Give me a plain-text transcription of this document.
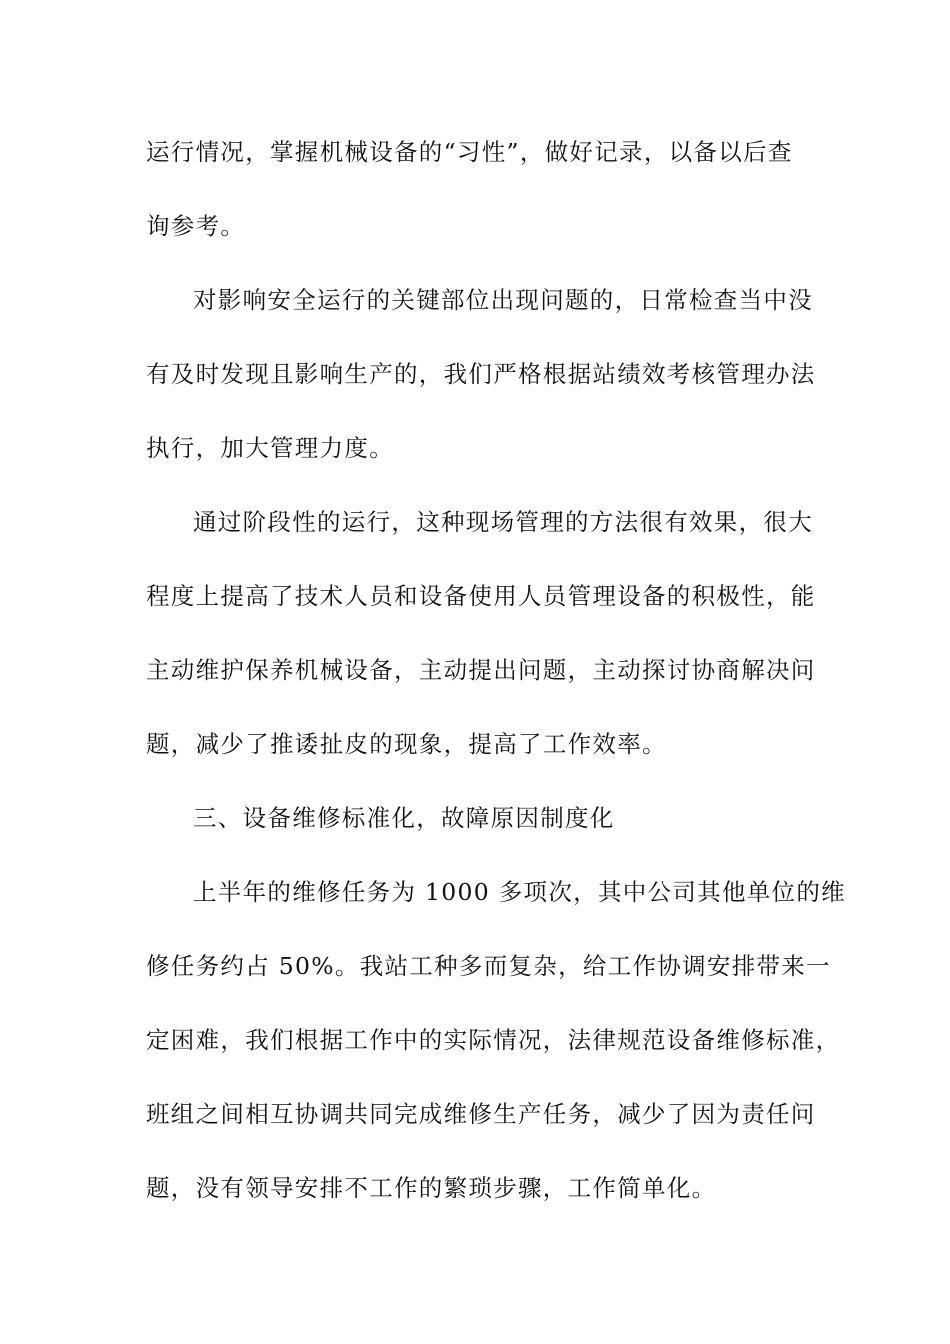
运行情况，掌握机械设备的“习性”，做好记录，以备以后查
询参考。
对影响安全运行的关键部位出现问题的，日常检查当中没
有及时发现且影响生产的，我们严格根据站绩效考核管理办法
执行，加大管理力度。
通过阶段性的运行，这种现场管理的方法很有效果，很大
程度上提高了技术人员和设备使用人员管理设备的积极性，能
主动维护保养机械设备，主动提出问题，主动探讨协商解决问
题，减少了推诿扯皮的现象，提高了工作效率。
三、设备维修标准化，故障原因制度化
上半年的维修任务为 1000 多项次，其中公司其他单位的维
修任务约占 50%。我站工种多而复杂，给工作协调安排带来一
定困难，我们根据工作中的实际情况，法律规范设备维修标准，
班组之间相互协调共同完成维修生产任务，减少了因为责任问
题，没有领导安排不工作的繁琐步骤，工作简单化。
